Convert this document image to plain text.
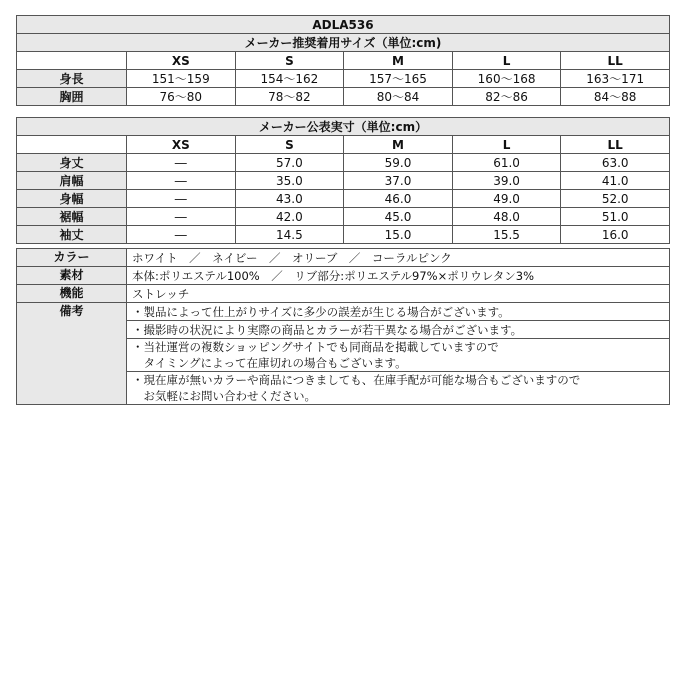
ADLA536					
メーカー推奨着用サイズ（単位:cm)					
	XS	S	M	L	LL
身長	151〜159	154〜162	157〜165	160〜168	163〜171
胸囲	76〜80	78〜82	80〜84	82〜86	84〜88
メーカー公表実寸（単位:cm）					
	XS	S	M	L	LL
身丈	―	57.0	59.0	61.0	63.0
肩幅	―	35.0	37.0	39.0	41.0
身幅	―	43.0	46.0	49.0	52.0
裾幅	―	42.0	45.0	48.0	51.0
袖丈	―	14.5	15.0	15.5	16.0
カラー	ホワイト　／　ネイビー　／　オリーブ　／　コーラルピンク
素材	本体:ポリエステル100%　／　リブ部分:ポリエステル97%×ポリウレタン3%
機能	ストレッチ
備考	・製品によって仕上がりサイズに多少の誤差が生じる場合がございます。
	・撮影時の状況により実際の商品とカラーが若干異なる場合がございます。

	・当社運営の複数ショッピングサイトでも同商品を掲載していますので
　タイミングによって在庫切れの場合もございます。

	・現在庫が無いカラーや商品につきましても、在庫手配が可能な場合もございますので
　お気軽にお問い合わせください。
